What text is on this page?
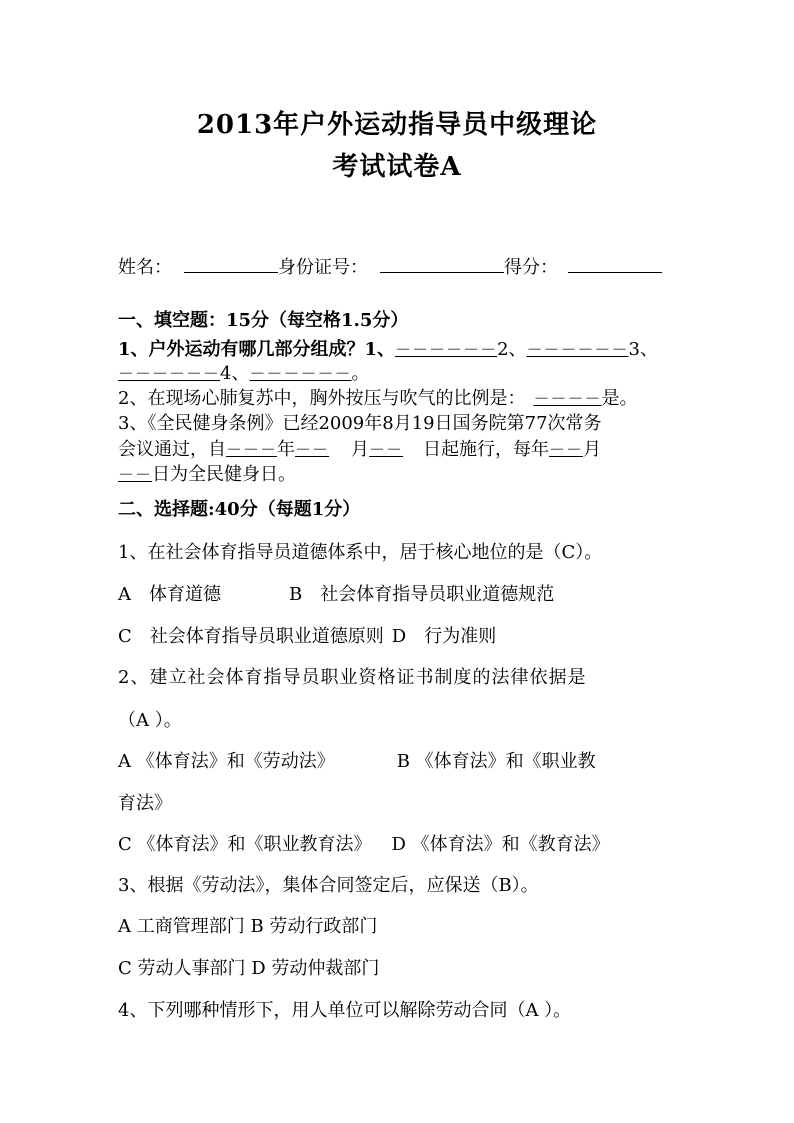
2013年户外运动指导员中级理论
考试试卷A
姓名：	身份证号：	得分：
一、填空题：15分（每空格1.5分）
1、户外运动有哪几部分组成？1、－－－－－－2、－－－－－－3、
－－－－－－4、－－－－－－。
2、在现场心肺复苏中，胸外按压与吹气的比例是： －－－－是。
3、《全民健身条例》已经2009年8月19日国务院第77次常务
会议通过，自－－－年－－ 月－－ 日起施行，每年－－月
－－日为全民健身日。
二、选择题:40分（每题1分）
1、在社会体育指导员道德体系中，居于核心地位的是（C）。
A　体育道德	B　社会体育指导员职业道德规范
C　社会体育指导员职业道德原则 D　行为准则
2、建立社会体育指导员职业资格证书制度的法律依据是
（A ）。
A 《体育法》和《劳动法》	B 《体育法》和《职业教
育法》
C 《体育法》和《职业教育法》 D 《体育法》和《教育法》
3、根据《劳动法》，集体合同签定后，应保送（B）。
A 工商管理部门 B 劳动行政部门
C 劳动人事部门 D 劳动仲裁部门
4、下列哪种情形下，用人单位可以解除劳动合同（A ）。
